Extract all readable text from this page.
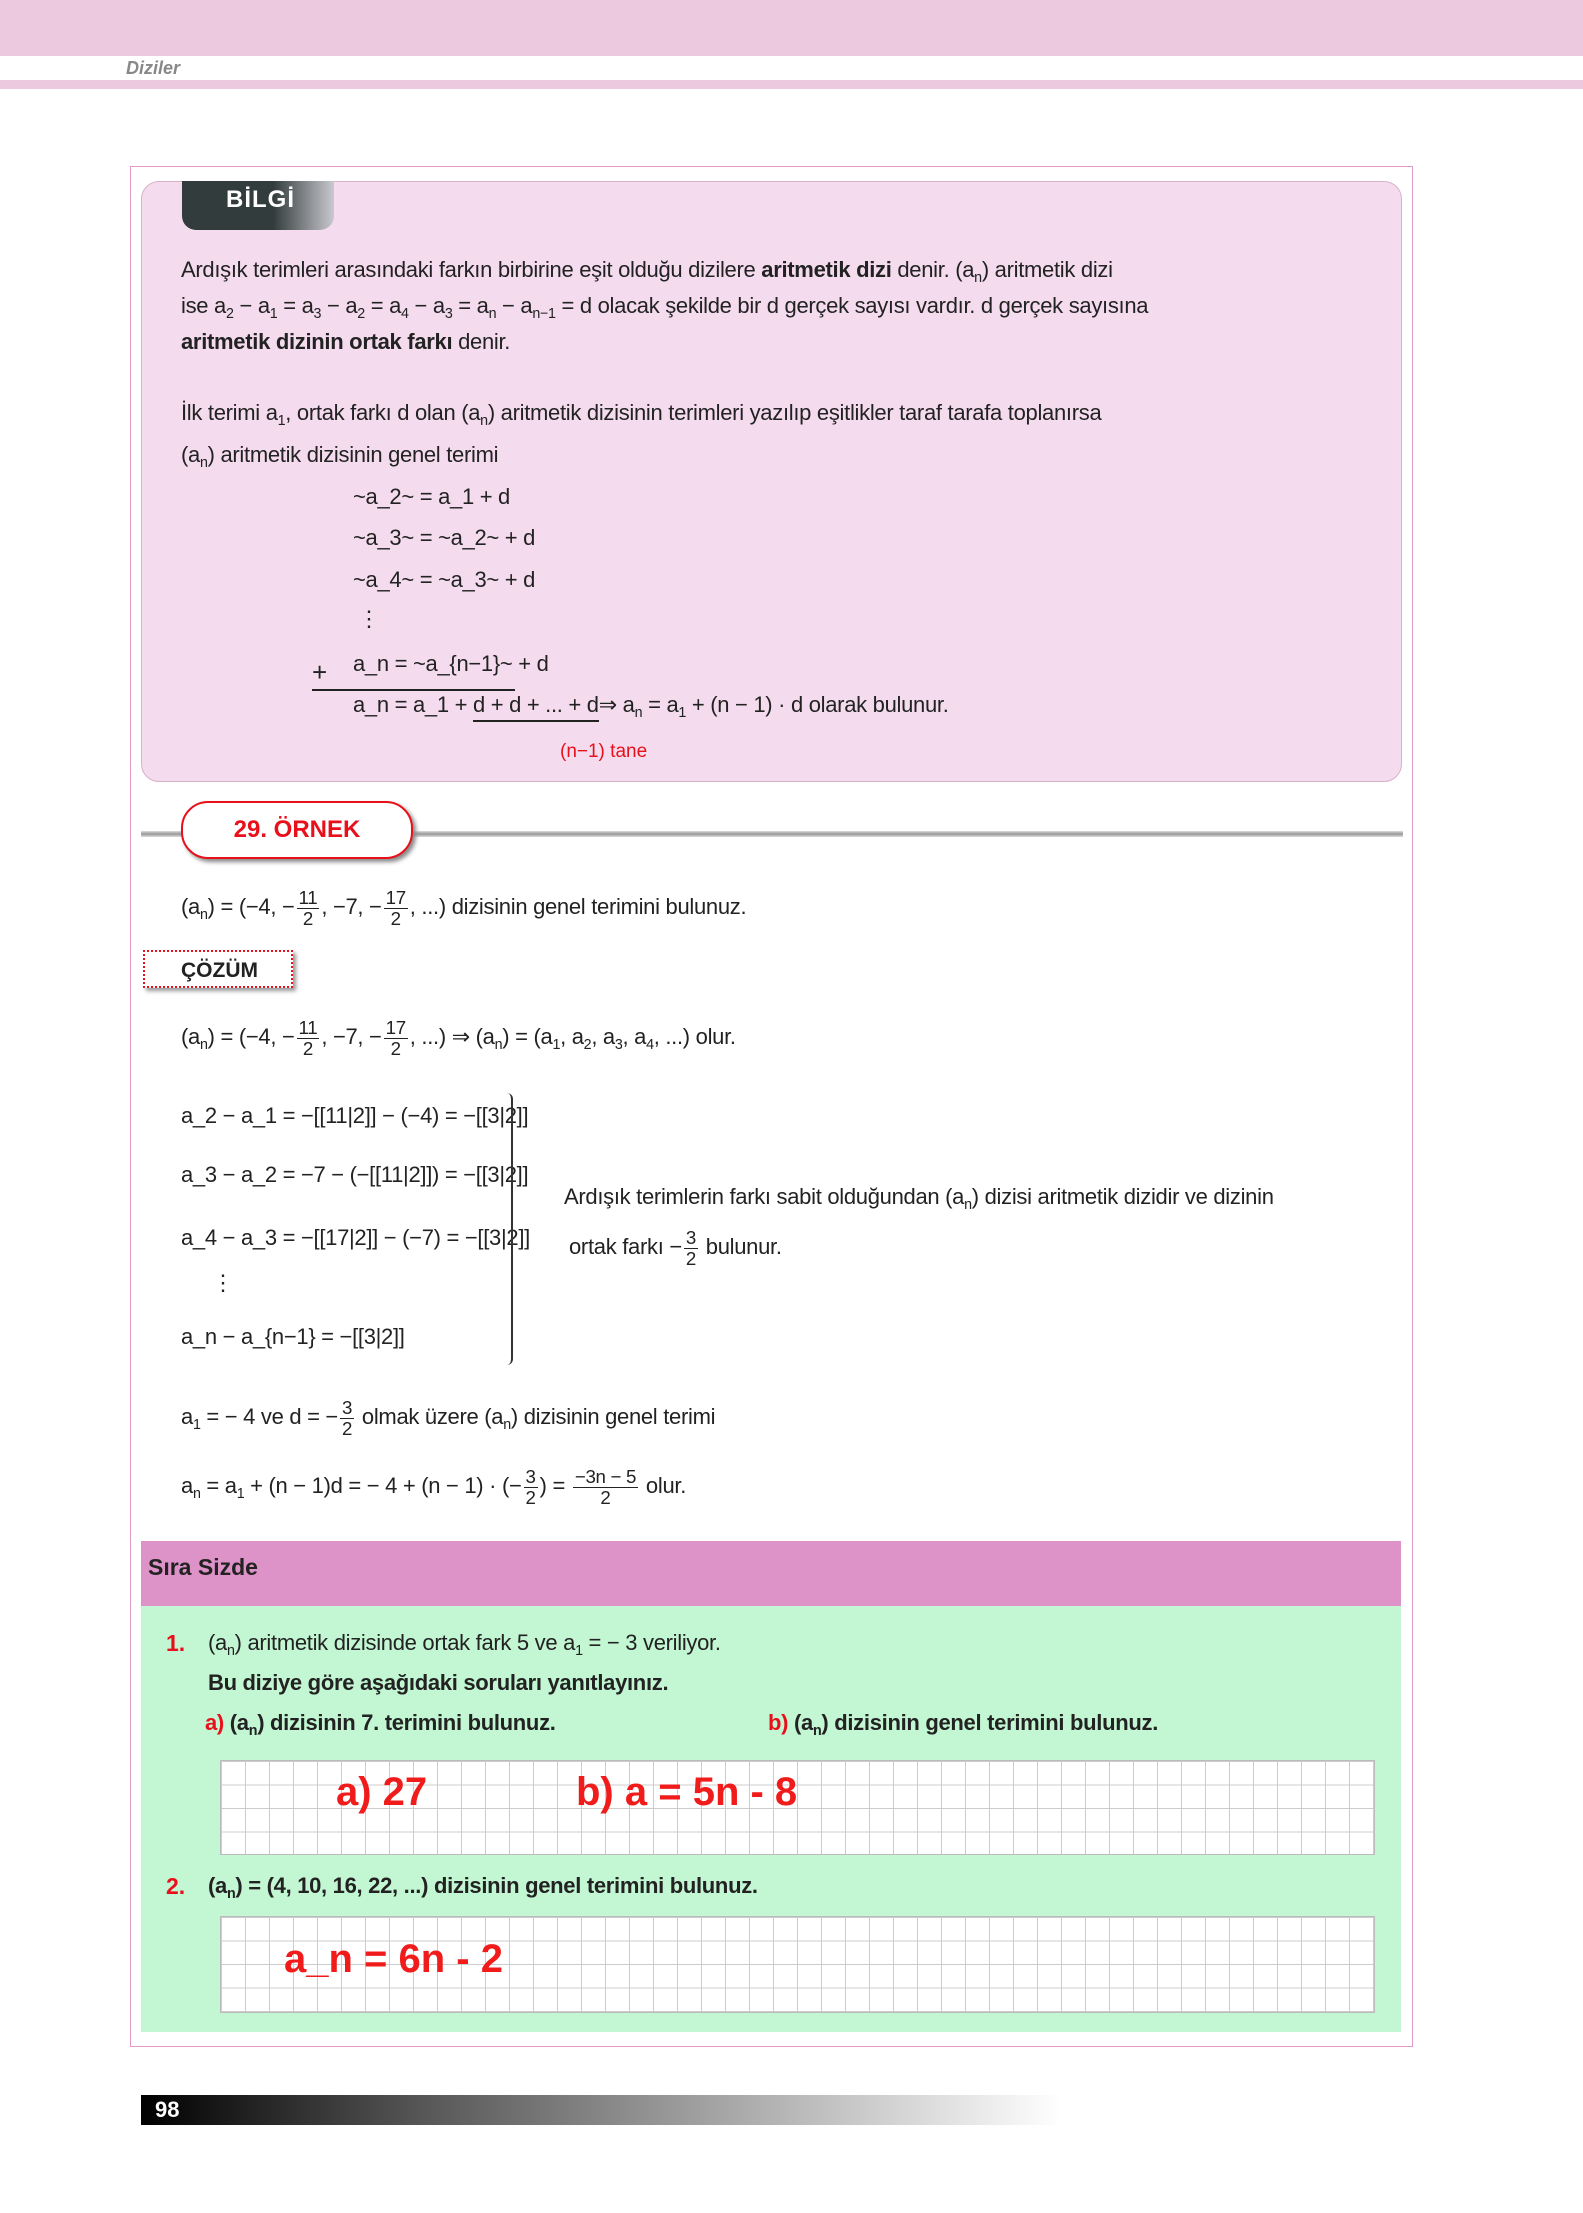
Diziler
BİLGİ
Ardışık terimleri arasındaki farkın birbirine eşit olduğu dizilere aritmetik dizi denir. $(a_n)$ aritmetik dizi
ise $a_2 - a_1 = a_3 - a_2 = a_4 - a_3 = a_n - a_{n-1} = d$ olacak şekilde bir d gerçek sayısı vardır. d gerçek sayısına
aritmetik dizinin ortak farkı denir.
İlk terimi $a_1$, ortak farkı d olan $(a_n)$ aritmetik dizisinin terimleri yazılıp eşitlikler taraf tarafa toplanırsa
$(a_n)$ aritmetik dizisinin genel terimi
~a_2~ = a_1 + d
~a_3~ = ~a_2~ + d
~a_4~ = ~a_3~ + d
⋮
a_n = ~a_{n−1}~ + d
+
a_n = a_1 + d + d + ... + d⇒ $a_n = a_1 + (n - 1) \cdot d$ olarak bulunur.
(n−1) tane
29. ÖRNEK
$(a_n) = (-4$, − $\frac{11}{2}$ , −7, − $\frac{17}{2}$ , ...) dizisinin genel terimini bulunuz.
ÇÖZÜM
$(a_n) = (-4$, − $\frac{11}{2}$ , −7, − $\frac{17}{2}$ , ...) ⇒ $(a_n) = (a_1$, $a_2$, $a_3$, $a_4$, ...) olur.
a_2 − a_1 = −[[11|2]] − (−4) = −[[3|2]]
a_3 − a_2 = −7 − (−[[11|2]]) = −[[3|2]]
a_4 − a_3 = −[[17|2]] − (−7) = −[[3|2]]
⋮
a_n − a_{n−1} = −[[3|2]]
Ardışık terimlerin farkı sabit olduğundan $(a_n)$ dizisi aritmetik dizidir ve dizinin
ortak farkı − $\frac{3}{2}$ bulunur.
$a_1$ = − 4 ve d = − $\frac{3}{2}$ olmak üzere $(a_n)$ dizisinin genel terimi
$a_n = a_1 + (n - 1)d$ = − 4 + (n − 1) · (− $\frac{3}{2}$ ) = $\frac{-3n - 5}{2}$ olur.
Sıra Sizde
1. $(a_n)$ aritmetik dizisinde ortak fark 5 ve $a_1$ = − 3 veriliyor.
Bu diziye göre aşağıdaki soruları yanıtlayınız.
a) $(a_n)$ dizisinin 7. terimini bulunuz.	b) $(a_n)$ dizisinin genel terimini bulunuz.
a) 27	b) a = 5n - 8
2. $(a_n) = (4$, 10, 16, 22, ...) dizisinin genel terimini bulunuz.
a_n = 6n - 2
98
